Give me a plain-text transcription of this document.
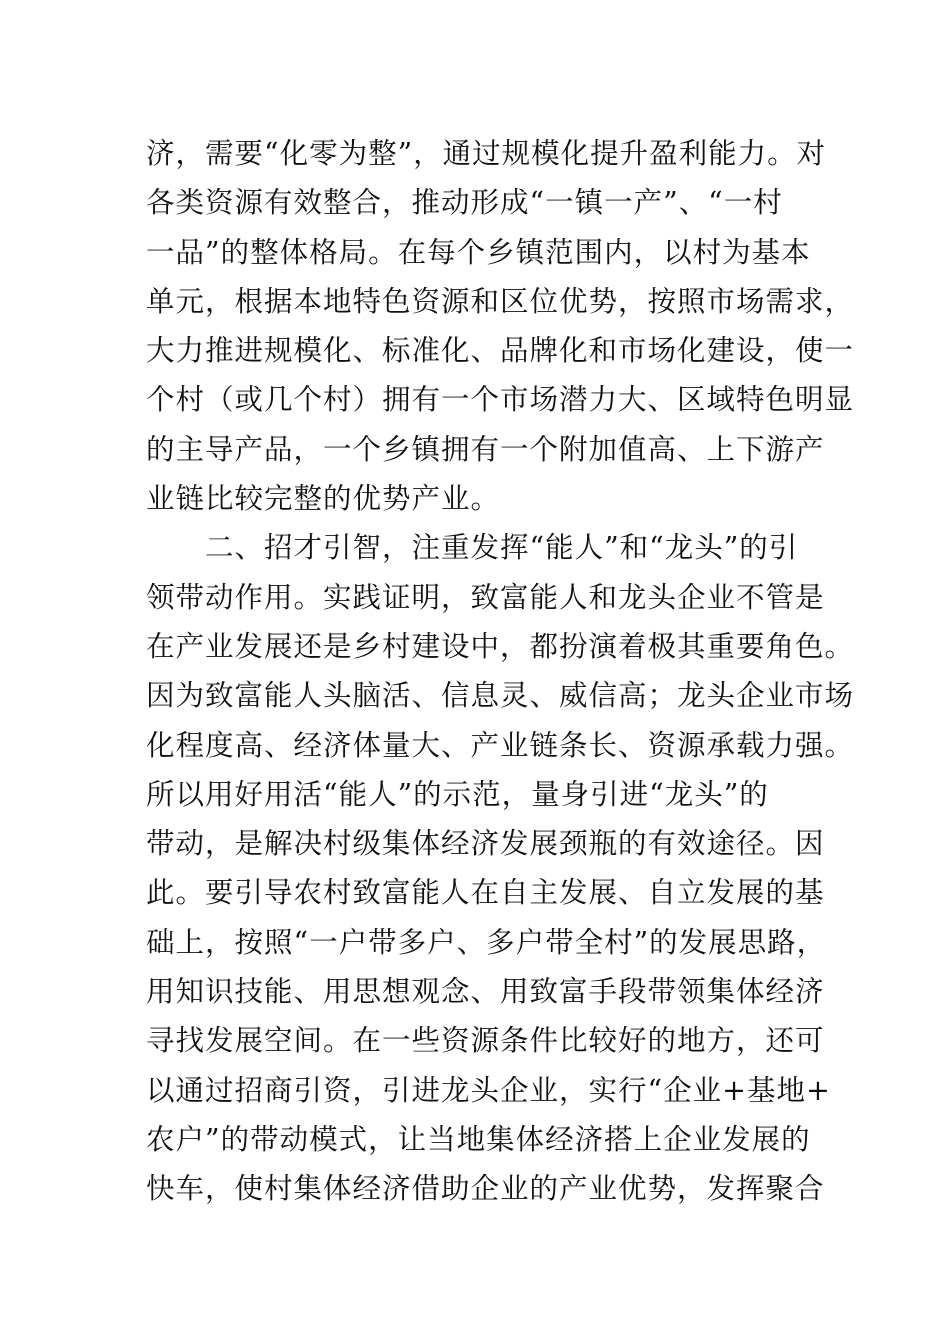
济，需要“化零为整”，通过规模化提升盈利能力。对
各类资源有效整合，推动形成“一镇一产”、“一村
一品”的整体格局。在每个乡镇范围内，以村为基本
单元，根据本地特色资源和区位优势，按照市场需求，
大力推进规模化、标准化、品牌化和市场化建设，使一
个村（或几个村）拥有一个市场潜力大、区域特色明显
的主导产品，一个乡镇拥有一个附加值高、上下游产
业链比较完整的优势产业。
　　二、招才引智，注重发挥“能人”和“龙头”的引
领带动作用。实践证明，致富能人和龙头企业不管是
在产业发展还是乡村建设中，都扮演着极其重要角色。
因为致富能人头脑活、信息灵、威信高；龙头企业市场
化程度高、经济体量大、产业链条长、资源承载力强。
所以用好用活“能人”的示范，量身引进“龙头”的
带动，是解决村级集体经济发展颈瓶的有效途径。因
此。要引导农村致富能人在自主发展、自立发展的基
础上，按照“一户带多户、多户带全村”的发展思路，
用知识技能、用思想观念、用致富手段带领集体经济
寻找发展空间。在一些资源条件比较好的地方，还可
以通过招商引资，引进龙头企业，实行“企业+基地+
农户”的带动模式，让当地集体经济搭上企业发展的
快车，使村集体经济借助企业的产业优势，发挥聚合
